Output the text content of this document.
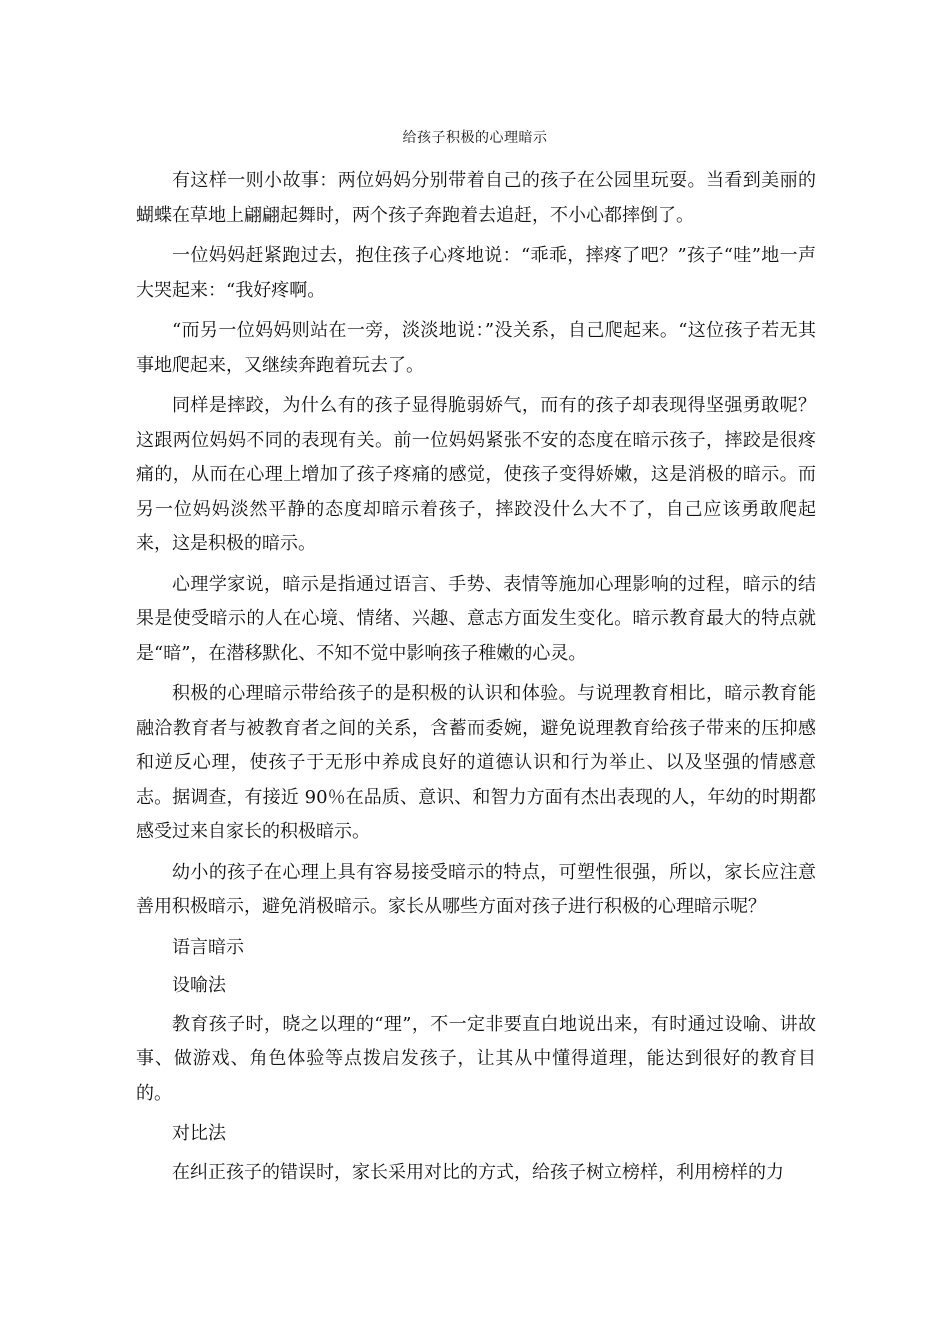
给孩子积极的心理暗示

有这样一则小故事：两位妈妈分别带着自己的孩子在公园里玩耍。当看到美丽的蝴蝶在草地上翩翩起舞时，两个孩子奔跑着去追赶，不小心都摔倒了。

一位妈妈赶紧跑过去，抱住孩子心疼地说：“乖乖，摔疼了吧？”孩子“哇”地一声大哭起来：“我好疼啊。

“而另一位妈妈则站在一旁，淡淡地说：”没关系，自己爬起来。“这位孩子若无其事地爬起来，又继续奔跑着玩去了。

同样是摔跤，为什么有的孩子显得脆弱娇气，而有的孩子却表现得坚强勇敢呢？这跟两位妈妈不同的表现有关。前一位妈妈紧张不安的态度在暗示孩子，摔跤是很疼痛的，从而在心理上增加了孩子疼痛的感觉，使孩子变得娇嫩，这是消极的暗示。而另一位妈妈淡然平静的态度却暗示着孩子，摔跤没什么大不了，自己应该勇敢爬起来，这是积极的暗示。

心理学家说，暗示是指通过语言、手势、表情等施加心理影响的过程，暗示的结果是使受暗示的人在心境、情绪、兴趣、意志方面发生变化。暗示教育最大的特点就是“暗”，在潜移默化、不知不觉中影响孩子稚嫩的心灵。

积极的心理暗示带给孩子的是积极的认识和体验。与说理教育相比，暗示教育能融洽教育者与被教育者之间的关系，含蓄而委婉，避免说理教育给孩子带来的压抑感和逆反心理，使孩子于无形中养成良好的道德认识和行为举止、以及坚强的情感意志。据调查，有接近 90％在品质、意识、和智力方面有杰出表现的人，年幼的时期都感受过来自家长的积极暗示。

幼小的孩子在心理上具有容易接受暗示的特点，可塑性很强，所以，家长应注意善用积极暗示，避免消极暗示。家长从哪些方面对孩子进行积极的心理暗示呢？

语言暗示

设喻法

教育孩子时，晓之以理的“理”，不一定非要直白地说出来，有时通过设喻、讲故事、做游戏、角色体验等点拨启发孩子，让其从中懂得道理，能达到很好的教育目的。

对比法

在纠正孩子的错误时，家长采用对比的方式，给孩子树立榜样，利用榜样的力
